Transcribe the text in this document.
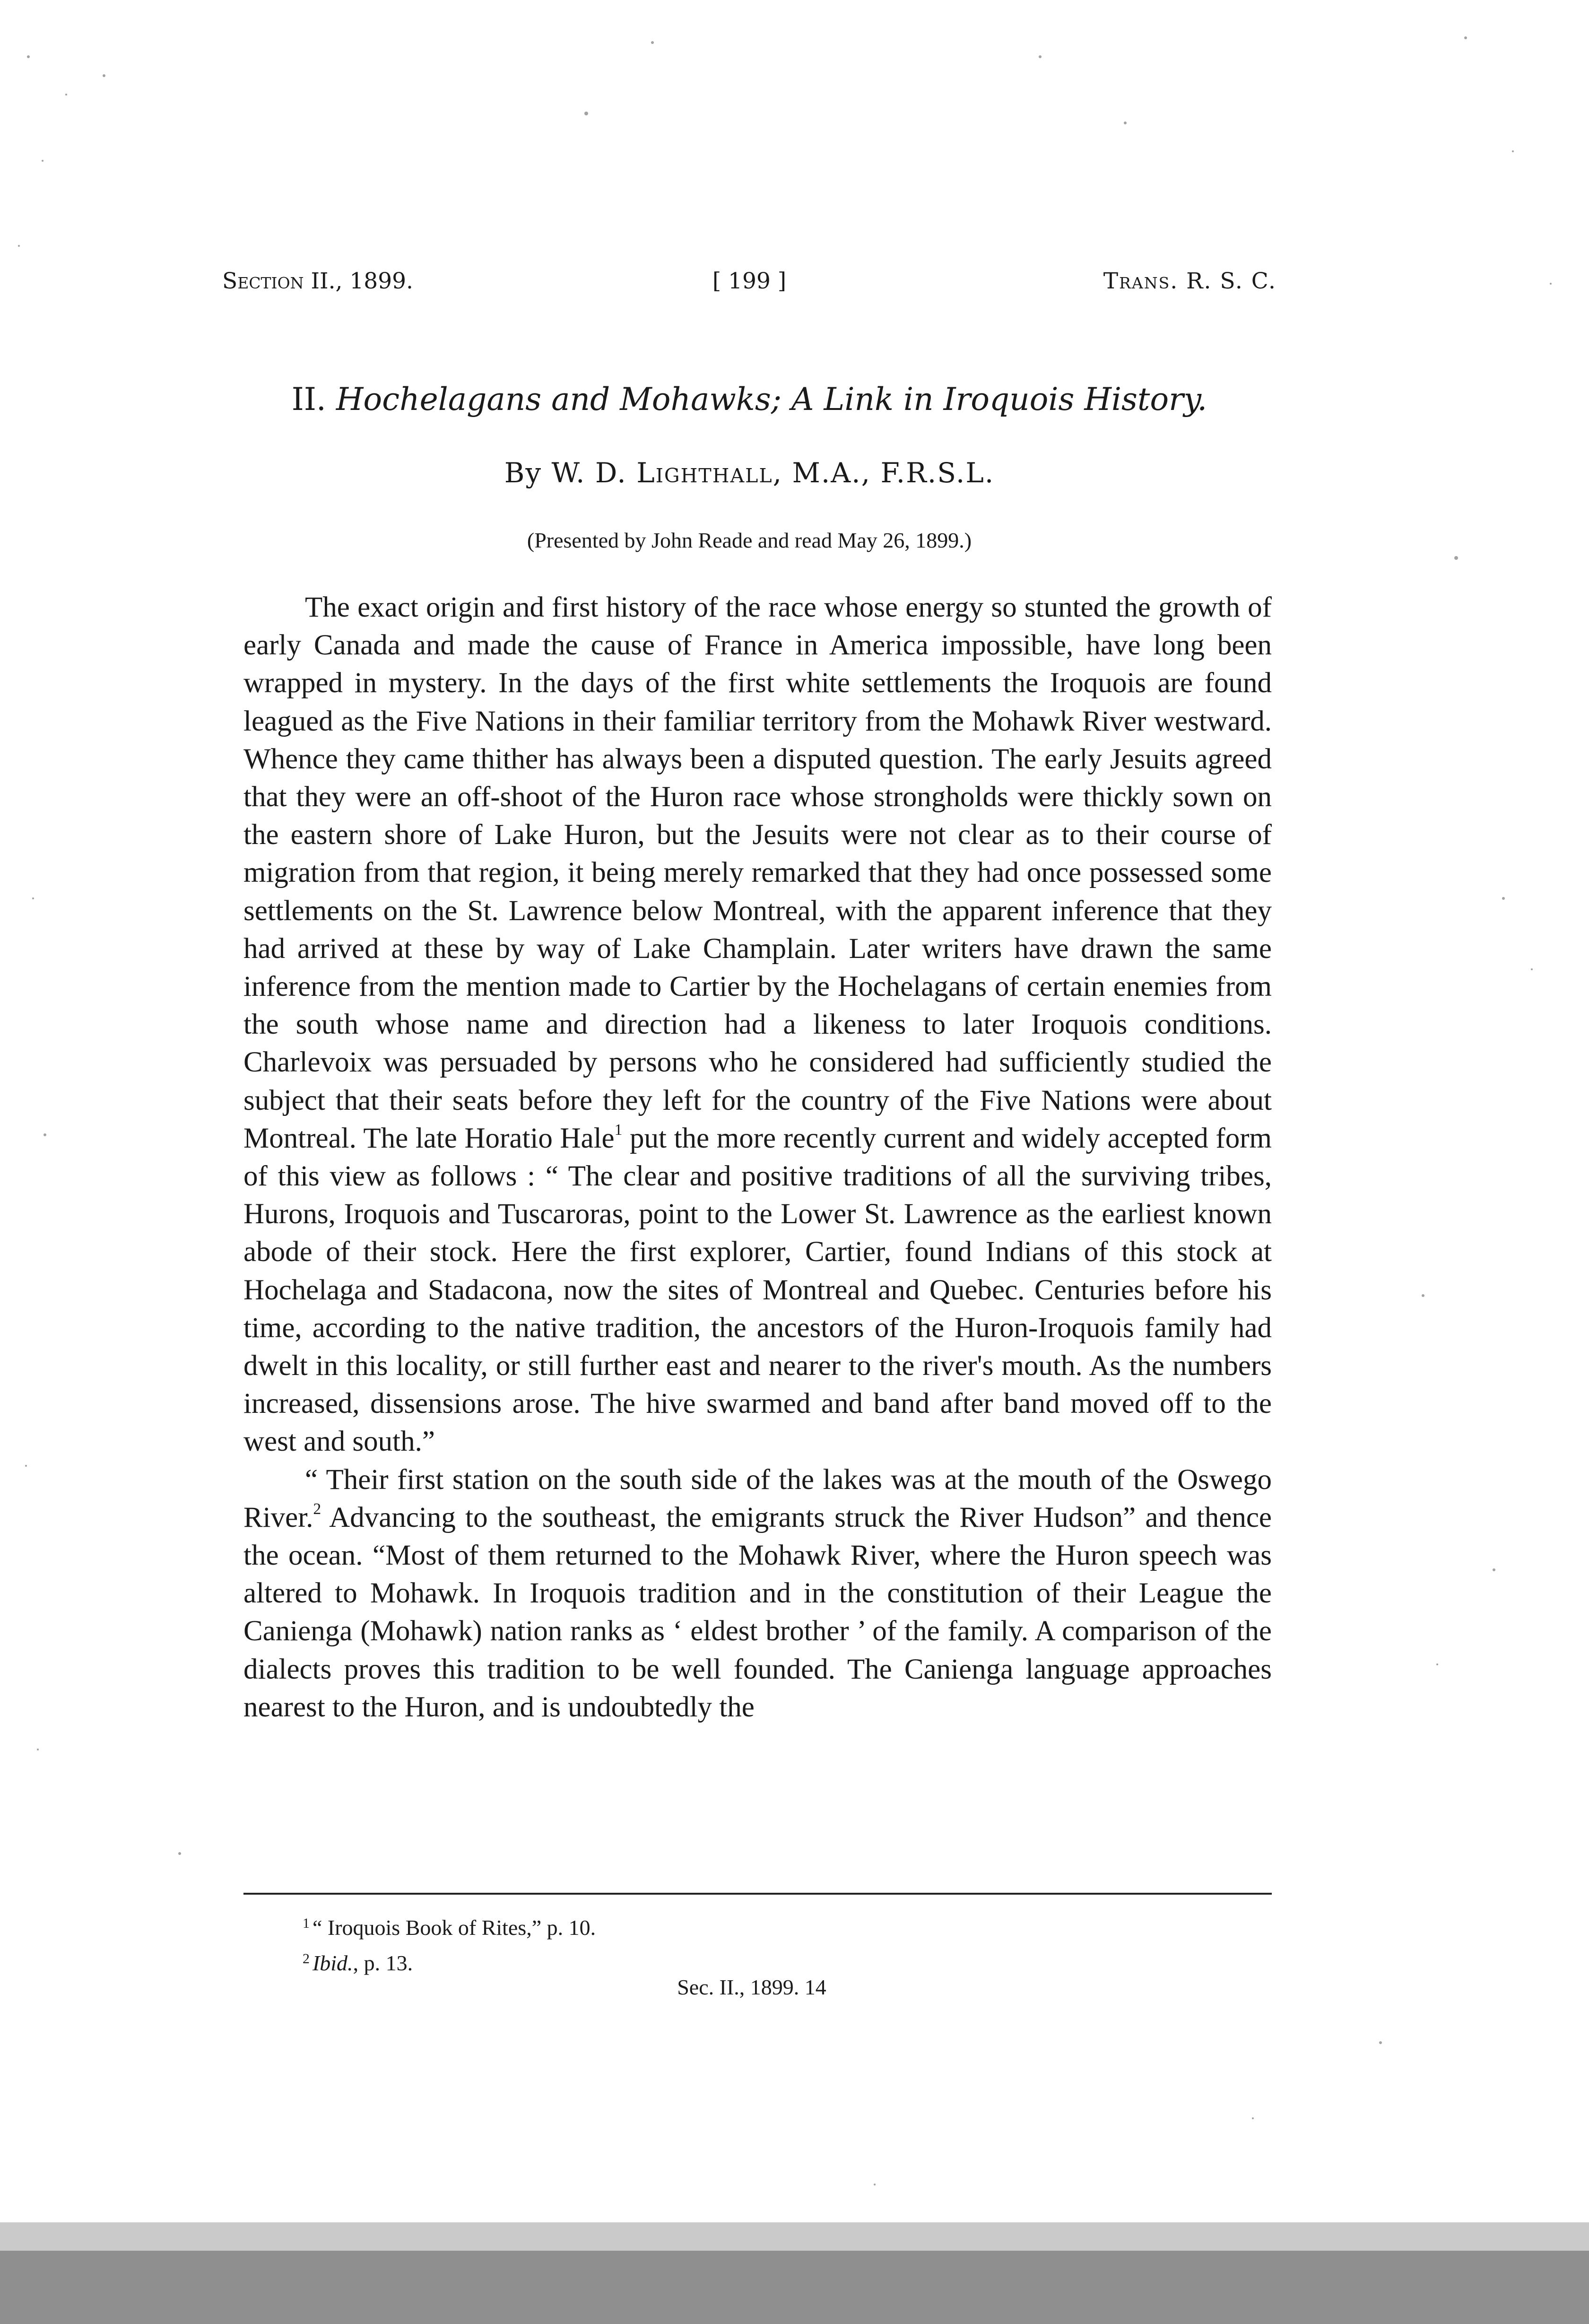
Section II., 1899.	[ 199 ]	Trans. R. S. C.
II. Hochelagans and Mohawks; A Link in Iroquois History.
By W. D. Lighthall, M.A., F.R.S.L.
(Presented by John Reade and read May 26, 1899.)

The exact origin and first history of the race whose energy so stunted the growth of early Canada and made the cause of France in America impossible, have long been wrapped in mystery. In the days of the first white settlements the Iroquois are found leagued as the Five Nations in their familiar territory from the Mohawk River westward. Whence they came thither has always been a disputed question. The early Jesuits agreed that they were an off-shoot of the Huron race whose strongholds were thickly sown on the eastern shore of Lake Huron, but the Jesuits were not clear as to their course of migration from that region, it being merely remarked that they had once possessed some settlements on the St. Lawrence below Montreal, with the apparent inference that they had arrived at these by way of Lake Champlain. Later writers have drawn the same inference from the mention made to Cartier by the Hochelagans of certain enemies from the south whose name and direction had a likeness to later Iroquois conditions. Charlevoix was persuaded by persons who he considered had sufficiently studied the subject that their seats before they left for the country of the Five Nations were about Montreal. The late Horatio Hale$^1$ put the more recently current and widely accepted form of this view as follows : “ The clear and positive traditions of all the surviving tribes, Hurons, Iroquois and Tuscaroras, point to the Lower St. Lawrence as the earliest known abode of their stock. Here the first explorer, Cartier, found Indians of this stock at Hochelaga and Stadacona, now the sites of Montreal and Quebec. Centuries before his time, according to the native tradition, the ancestors of the Huron-Iroquois family had dwelt in this locality, or still further east and nearer to the river's mouth. As the numbers increased, dissensions arose. The hive swarmed and band after band moved off to the west and south.”

“ Their first station on the south side of the lakes was at the mouth of the Oswego River.$^2$ Advancing to the southeast, the emigrants struck the River Hudson” and thence the ocean. “Most of them returned to the Mohawk River, where the Huron speech was altered to Mohawk. In Iroquois tradition and in the constitution of their League the Canienga (Mohawk) nation ranks as ‘ eldest brother ’ of the family. A comparison of the dialects proves this tradition to be well founded. The Canienga language approaches nearest to the Huron, and is undoubtedly the

$^1$ “ Iroquois Book of Rites,” p. 10.
$^2$ Ibid., p. 13.
Sec. II., 1899. 14
